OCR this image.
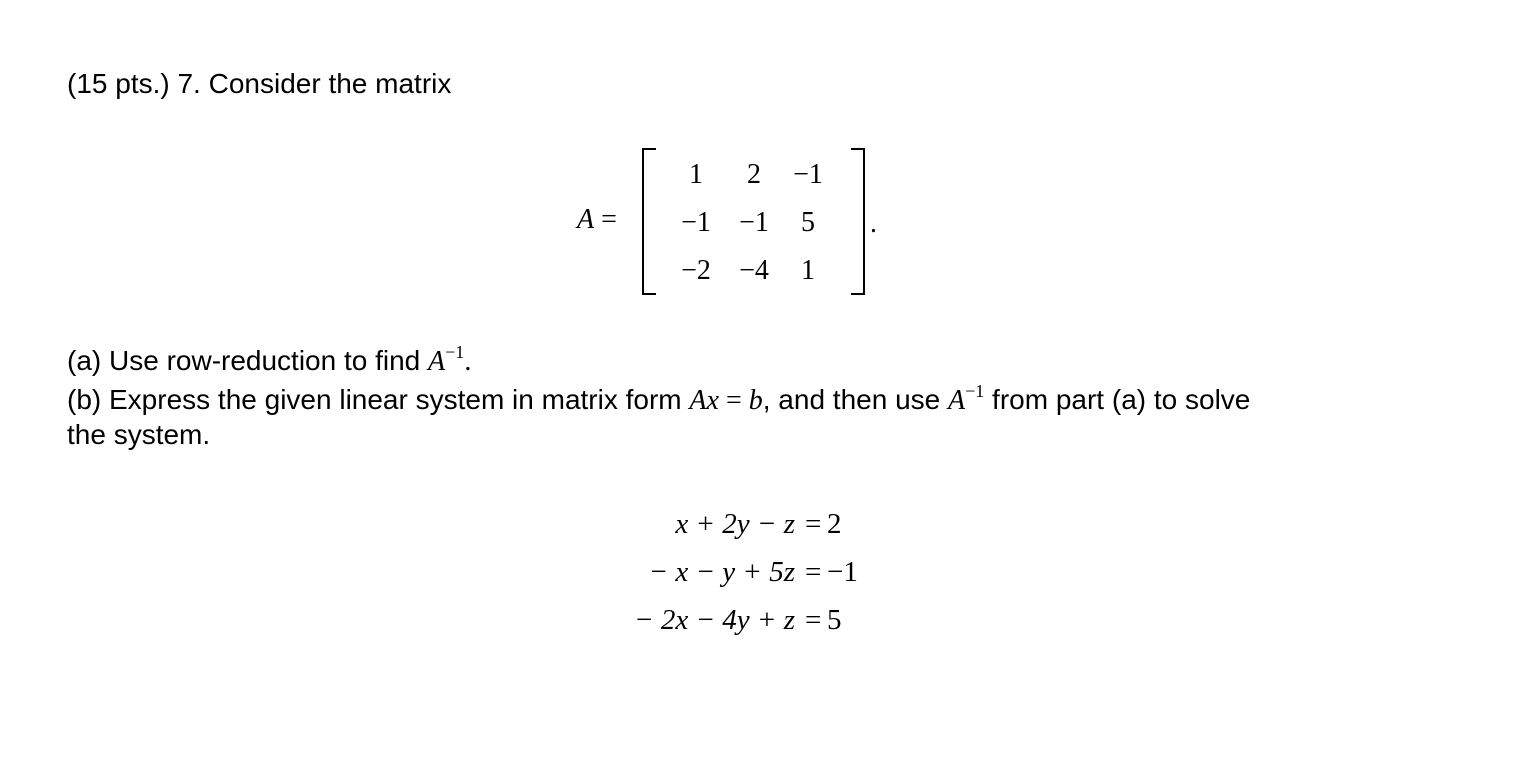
(15 pts.) 7. Consider the matrix
A =
1	2	−1
−1	−1	5
−2	−4	1
.
(a) Use row-reduction to find $A^{-1}$.
(b) Express the given linear system in matrix form Ax = b, and then use $A^{-1}$ from part (a) to solve
the system.
x + 2y − z = 2
− x − y + 5z = −1
− 2x − 4y + z = 5
